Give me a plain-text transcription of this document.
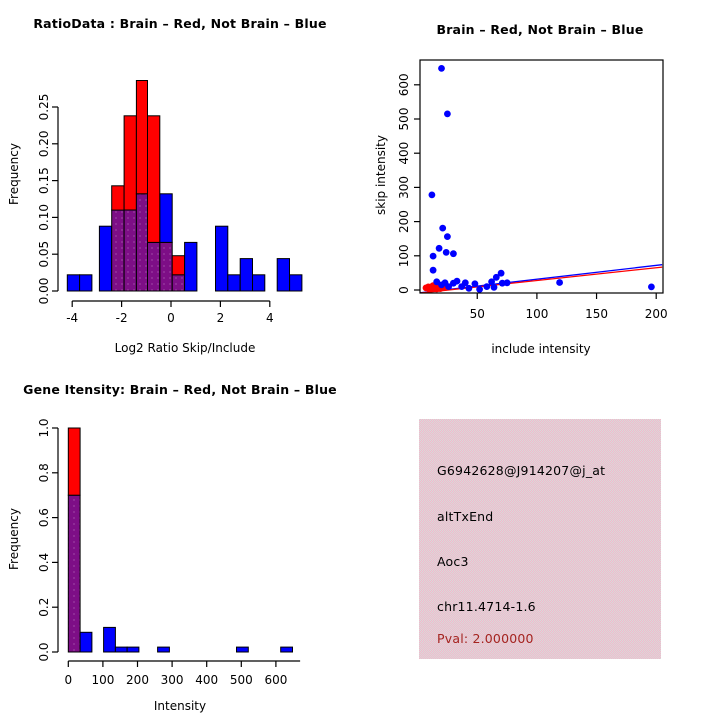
RatioData : Brain – Red, Not Brain – Blue
0.00
0.05
0.10
0.15
0.20
0.25
-4	-2	0	2	4
Log2 Ratio Skip/Include
Frequency
Brain – Red, Not Brain – Blue
50	100	150	200
0
100
200
300
400
500
600
include intensity
skip intensity
Gene Itensity: Brain – Red, Not Brain – Blue
0.0
0.2
0.4
0.6
0.8
1.0
0 100 200 300 400 500 600
Intensity
Frequency
G6942628@J914207@j_at
altTxEnd
Aoc3
chr11.4714-1.6
Pval: 2.000000
